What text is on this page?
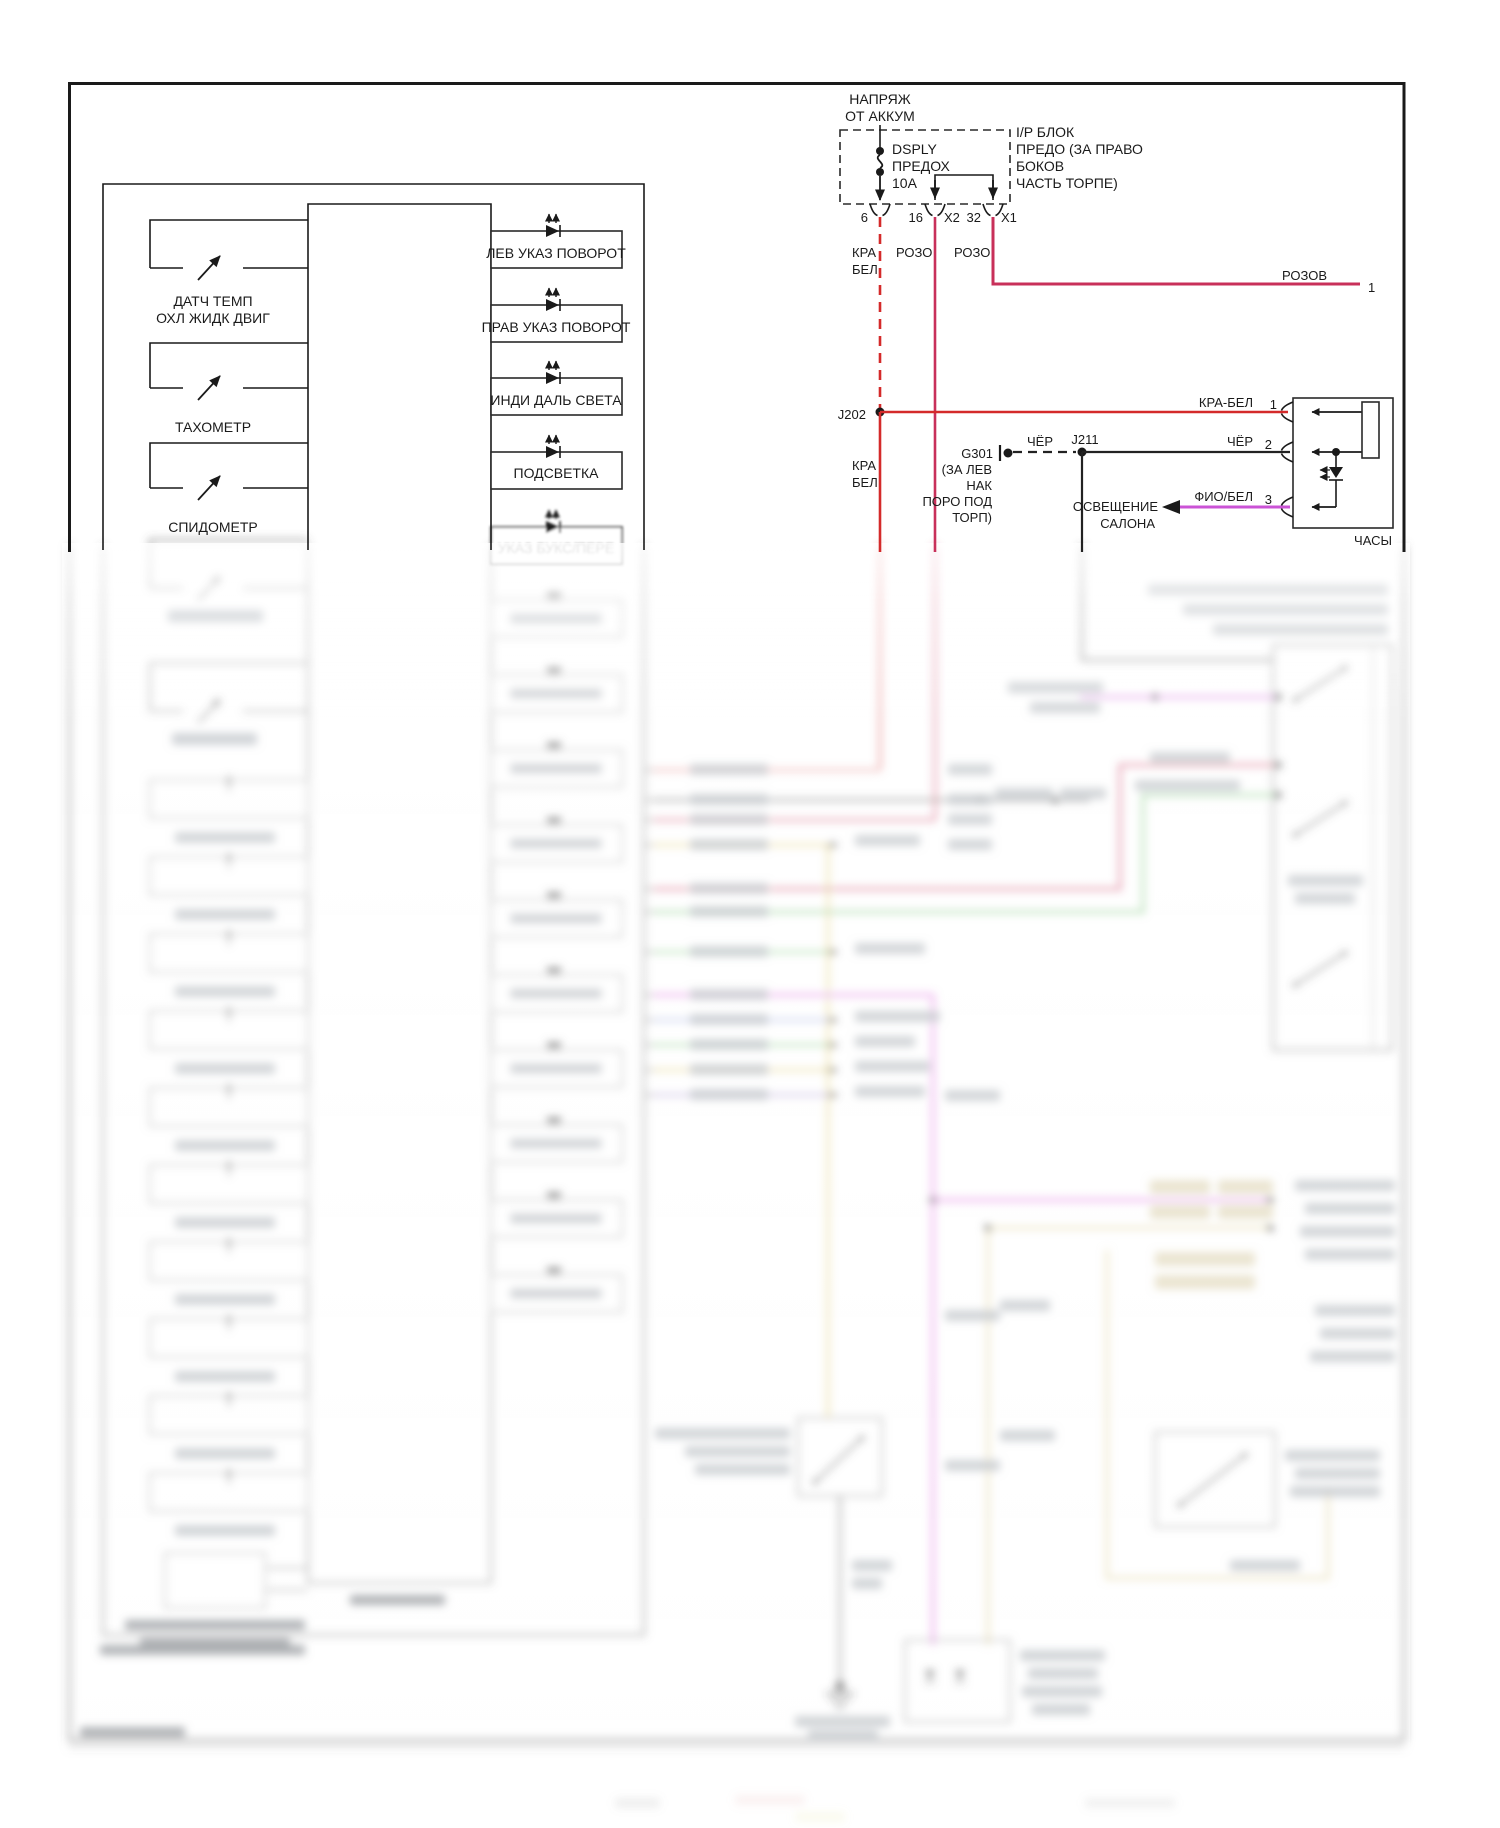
ДАТЧ ТЕМП
ОХЛ ЖИДК ДВИГ
ТАХОМЕТР
СПИДОМЕТР
ЛЕВ УКАЗ ПОВОРОТ
ПРАВ УКАЗ ПОВОРОТ
ИНДИ ДАЛЬ СВЕТА
ПОДСВЕТКА
НАПРЯЖ
ОТ АККУМ
DSPLY
ПРЕДОХ
10A
6	16 X2 32 X1
I/P БЛОК
ПРЕДО (ЗА ПРАВО
БОКОВ
ЧАСТЬ ТОРПЕ)
КРА
БЕЛ
РОЗО РОЗО
РОЗОВ
1
J202
КРА-БЕЛ
КРА
БЕЛ
G301
ЧЁР J211	ЧЁР
(ЗА ЛЕВ
НАК
ПОРО ПОД
ТОРП)
ФИО/БЕЛ
ОСВЕЩЕНИЕ
САЛОНА
1
2
3
ЧАСЫ
